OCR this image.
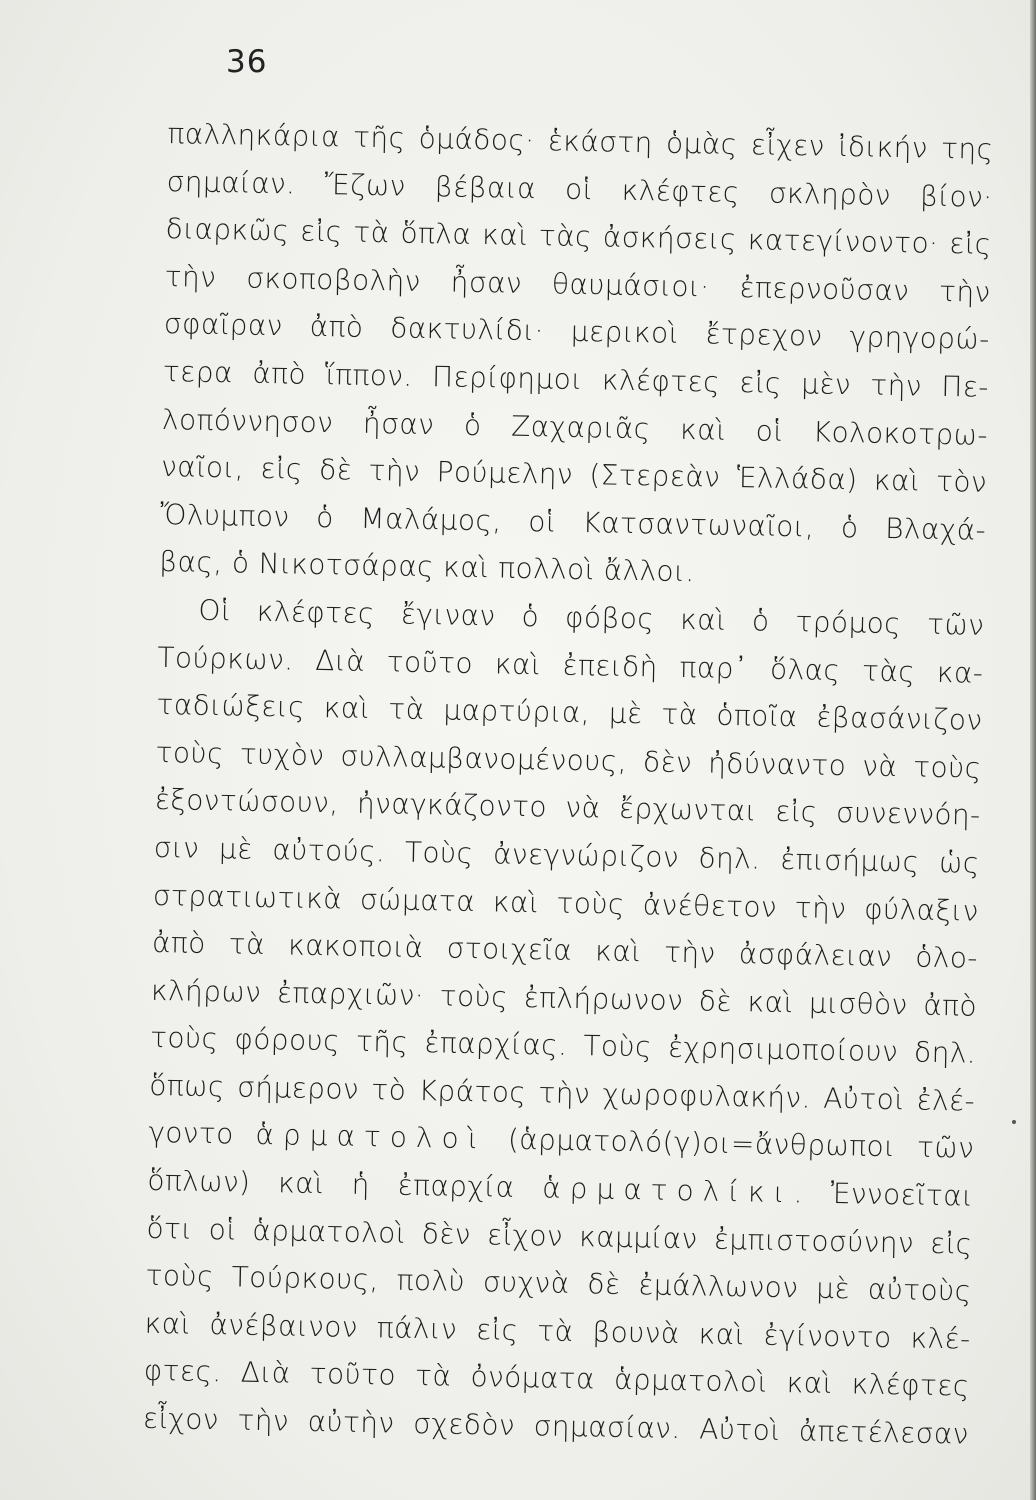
36
παλληκάρια τῆς ὁμάδος· ἑκάστη ὁμὰς εἶχεν ἰδικήν της
σημαίαν. Ἔζων βέβαια οἱ κλέφτες σκληρὸν βίον·
διαρκῶς εἰς τὰ ὅπλα καὶ τὰς ἀσκήσεις κατεγίνοντο· εἰς
τὴν σκοποβολὴν ἦσαν θαυμάσιοι· ἐπερνοῦσαν τὴν
σφαῖραν ἀπὸ δακτυλίδι· μερικοὶ ἔτρεχον γρηγορώ-
τερα ἀπὸ ἵππον. Περίφημοι κλέφτες εἰς μὲν τὴν Πε-
λοπόννησον ἦσαν ὁ Ζαχαριᾶς καὶ οἱ Κολοκοτρω-
ναῖοι, εἰς δὲ τὴν Ρούμελην (Στερεὰν Ἑλλάδα) καὶ τὸν
Ὄλυμπον ὁ Μαλάμος, οἱ Κατσαντωναῖοι, ὁ Βλαχά-
βας, ὁ Νικοτσάρας καὶ πολλοὶ ἄλλοι.
Οἱ κλέφτες ἔγιναν ὁ φόβος καὶ ὁ τρόμος τῶν
Τούρκων. Διὰ τοῦτο καὶ ἐπειδὴ παρ᾿ ὅλας τὰς κα-
ταδιώξεις καὶ τὰ μαρτύρια, μὲ τὰ ὁποῖα ἐβασάνιζον
τοὺς τυχὸν συλλαμβανομένους, δὲν ἠδύναντο νὰ τοὺς
ἐξοντώσουν, ἠναγκάζοντο νὰ ἔρχωνται εἰς συνεννόη-
σιν μὲ αὐτούς. Τοὺς ἀνεγνώριζον δηλ. ἐπισήμως ὡς
στρατιωτικὰ σώματα καὶ τοὺς ἀνέθετον τὴν φύλαξιν
ἀπὸ τὰ κακοποιὰ στοιχεῖα καὶ τὴν ἀσφάλειαν ὁλο-
κλήρων ἐπαρχιῶν· τοὺς ἐπλήρωνον δὲ καὶ μισθὸν ἀπὸ
τοὺς φόρους τῆς ἐπαρχίας. Τοὺς ἐχρησιμοποίουν δηλ.
ὅπως σήμερον τὸ Κράτος τὴν χωροφυλακήν. Αὐτοὶ ἐλέ-
γοντο ἁρματολοὶ (ἁρματολό(γ)οι=ἄνθρωποι τῶν
ὅπλων) καὶ ἡ ἐπαρχία ἁρματολίκι. Ἐννοεῖται
ὅτι οἱ ἁρματολοὶ δὲν εἶχον καμμίαν ἐμπιστοσύνην εἰς
τοὺς Τούρκους, πολὺ συχνὰ δὲ ἐμάλλωνον μὲ αὐτοὺς
καὶ ἀνέβαινον πάλιν εἰς τὰ βουνὰ καὶ ἐγίνοντο κλέ-
φτες. Διὰ τοῦτο τὰ ὀνόματα ἁρματολοὶ καὶ κλέφτες
εἶχον τὴν αὐτὴν σχεδὸν σημασίαν. Αὐτοὶ ἀπετέλεσαν
